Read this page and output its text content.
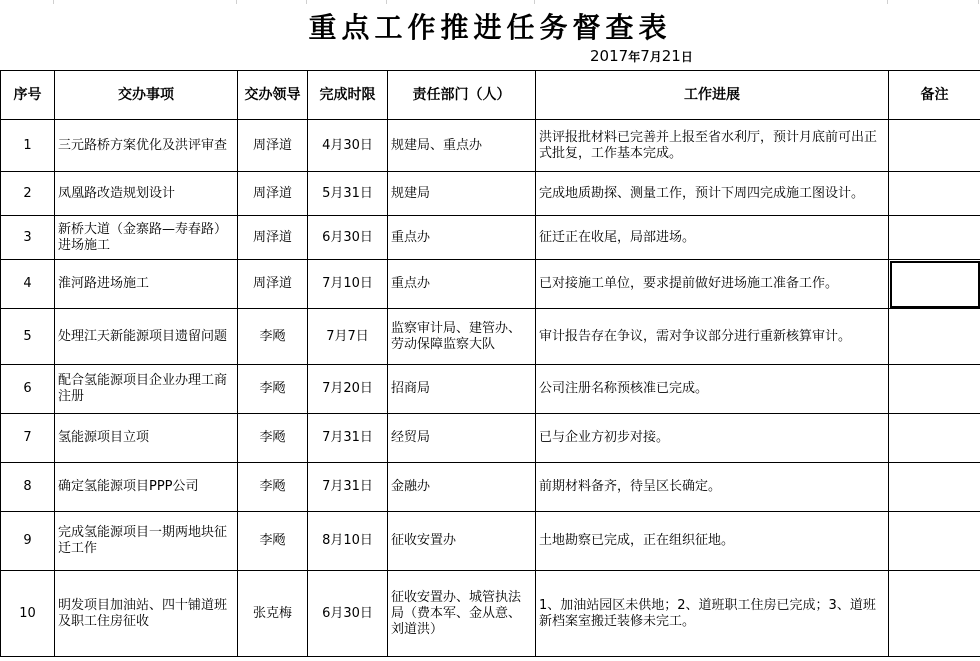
重点工作推进任务督查表
2017年7月21日
序号	交办事项	交办领导	完成时限	责任部门（人）	工作进展	备注
1	三元路桥方案优化及洪评审查	周泽道	4月30日	规建局、重点办	洪评报批材料已完善并上报至省水利厅，预计月底前可出正式批复，工作基本完成。	
2	凤凰路改造规划设计	周泽道	5月31日	规建局	完成地质勘探、测量工作，预计下周四完成施工图设计。	
3	新桥大道（金寨路—寿春路）进场施工	周泽道	6月30日	重点办	征迁正在收尾，局部进场。	
4	淮河路进场施工	周泽道	7月10日	重点办	已对接施工单位，要求提前做好进场施工准备工作。	
5	处理江天新能源项目遗留问题	李飏	7月7日	监察审计局、建管办、劳动保障监察大队	审计报告存在争议，需对争议部分进行重新核算审计。	
6	配合氢能源项目企业办理工商注册	李飏	7月20日	招商局	公司注册名称预核准已完成。	
7	氢能源项目立项	李飏	7月31日	经贸局	已与企业方初步对接。	
8	确定氢能源项目PPP公司	李飏	7月31日	金融办	前期材料备齐，待呈区长确定。	
9	完成氢能源项目一期两地块征迁工作	李飏	8月10日	征收安置办	土地勘察已完成，正在组织征地。	
10	明发项目加油站、四十铺道班及职工住房征收	张克梅	6月30日	征收安置办、城管执法局（费本军、金从意、刘道洪）	1、加油站园区未供地；2、道班职工住房已完成；3、道班新档案室搬迁装修未完工。	
